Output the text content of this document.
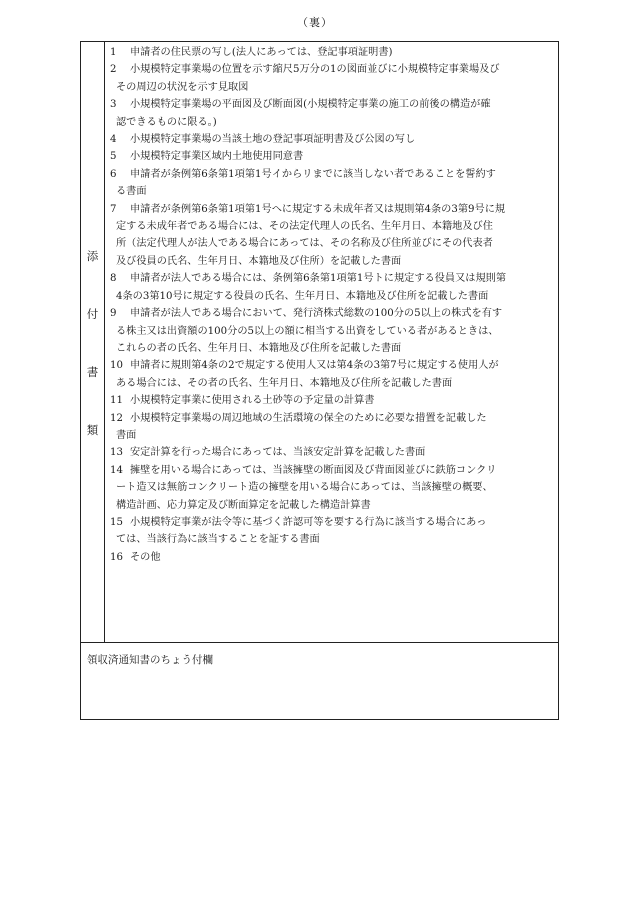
（裏）
添
付
書
類
1 申請者の住民票の写し(法人にあっては、登記事項証明書)
2 小規模特定事業場の位置を示す縮尺5万分の1の図面並びに小規模特定事業場及び
その周辺の状況を示す見取図
3 小規模特定事業場の平面図及び断面図(小規模特定事業の施工の前後の構造が確
認できるものに限る。)
4 小規模特定事業場の当該土地の登記事項証明書及び公図の写し
5 小規模特定事業区域内土地使用同意書
6 申請者が条例第6条第1項第1号イからリまでに該当しない者であることを誓約す
る書面
7 申請者が条例第6条第1項第1号へに規定する未成年者又は規則第4条の3第9号に規
定する未成年者である場合には、その法定代理人の氏名、生年月日、本籍地及び住
所（法定代理人が法人である場合にあっては、その名称及び住所並びにその代表者
及び役員の氏名、生年月日、本籍地及び住所）を記載した書面
8 申請者が法人である場合には、条例第6条第1項第1号トに規定する役員又は規則第
4条の3第10号に規定する役員の氏名、生年月日、本籍地及び住所を記載した書面
9 申請者が法人である場合において、発行済株式総数の100分の5以上の株式を有す
る株主又は出資額の100分の5以上の額に相当する出資をしている者があるときは、
これらの者の氏名、生年月日、本籍地及び住所を記載した書面
10 申請者に規則第4条の2で規定する使用人又は第4条の3第7号に規定する使用人が
ある場合には、その者の氏名、生年月日、本籍地及び住所を記載した書面
11 小規模特定事業に使用される土砂等の予定量の計算書
12 小規模特定事業場の周辺地域の生活環境の保全のために必要な措置を記載した
書面
13 安定計算を行った場合にあっては、当該安定計算を記載した書面
14 擁壁を用いる場合にあっては、当該擁壁の断面図及び背面図並びに鉄筋コンクリ
ート造又は無筋コンクリート造の擁壁を用いる場合にあっては、当該擁壁の概要、
構造計画、応力算定及び断面算定を記載した構造計算書
15 小規模特定事業が法令等に基づく許認可等を要する行為に該当する場合にあっ
ては、当該行為に該当することを証する書面
16 その他
領収済通知書のちょう付欄
